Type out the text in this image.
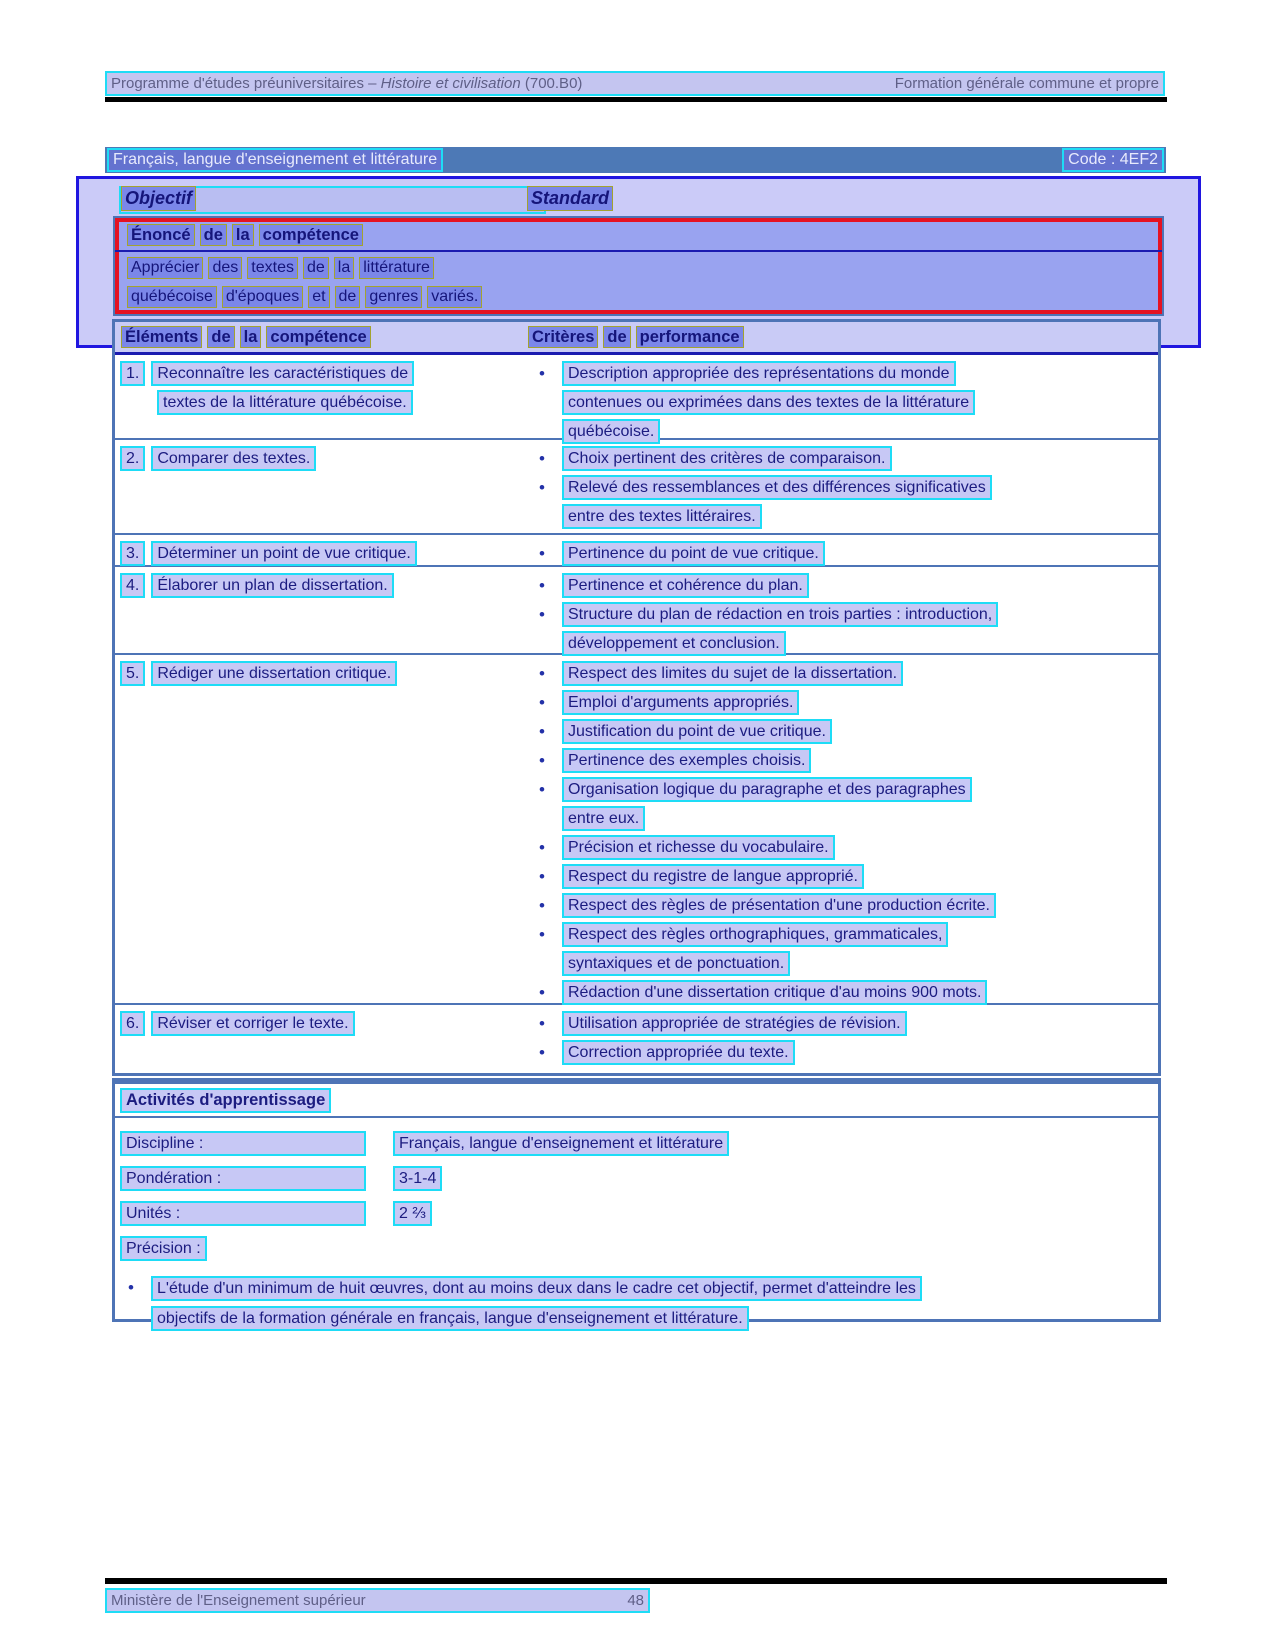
Programme d'études préuniversitaires – Histoire et civilisation (700.B0)	Formation générale commune et propre
Français, langue d'enseignement et littérature	Code : 4EF2
Objectif	Standard
Énoncé de la compétence
Apprécier des textes de la littérature
québécoise d'époques et de genres variés.
Éléments de la compétence	Critères de performance
1.	Reconnaître les caractéristiques de
textes de la littérature québécoise.
•	Description appropriée des représentations du monde
contenues ou exprimées dans des textes de la littérature
québécoise.
2.	Comparer des textes.	•	Choix pertinent des critères de comparaison.
•	Relevé des ressemblances et des différences significatives
entre des textes littéraires.
3.	Déterminer un point de vue critique.	•	Pertinence du point de vue critique.
4.	Élaborer un plan de dissertation.	•	Pertinence et cohérence du plan.
•	Structure du plan de rédaction en trois parties : introduction,
développement et conclusion.
5.	Rédiger une dissertation critique.	•	Respect des limites du sujet de la dissertation.
•	Emploi d'arguments appropriés.
•	Justification du point de vue critique.
•	Pertinence des exemples choisis.
•	Organisation logique du paragraphe et des paragraphes
entre eux.
•	Précision et richesse du vocabulaire.
•	Respect du registre de langue approprié.
•	Respect des règles de présentation d'une production écrite.
•	Respect des règles orthographiques, grammaticales,
syntaxiques et de ponctuation.
•	Rédaction d'une dissertation critique d'au moins 900 mots.
6.	Réviser et corriger le texte.	•	Utilisation appropriée de stratégies de révision.
•	Correction appropriée du texte.
Activités d'apprentissage
Discipline :	Français, langue d'enseignement et littérature
Pondération :	3-1-4
Unités :	2 ⅔
Précision :
•	L'étude d'un minimum de huit œuvres, dont au moins deux dans le cadre cet objectif, permet d'atteindre les
objectifs de la formation générale en français, langue d'enseignement et littérature.
Ministère de l'Enseignement supérieur	48
